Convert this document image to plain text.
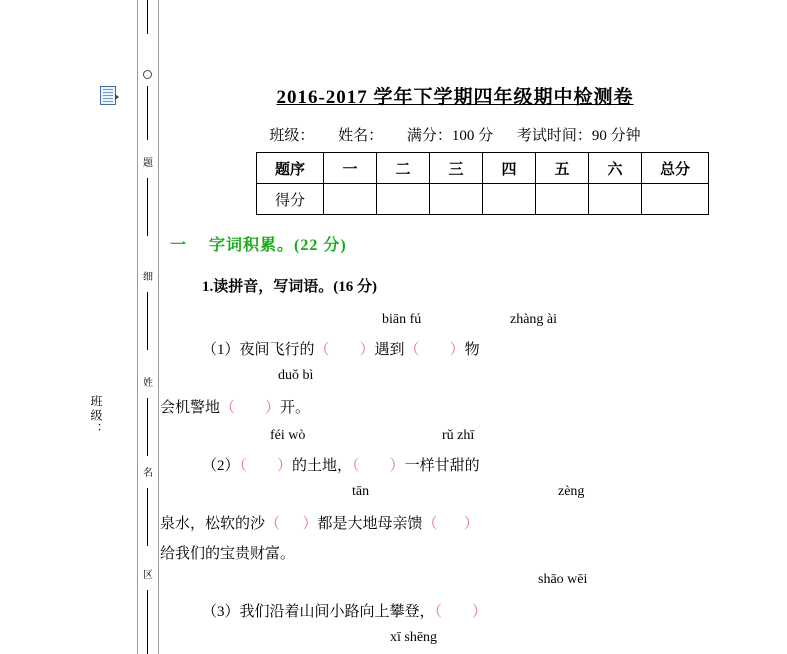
班级：
题
细
姓
名
区
2016-2017 学年下学期四年级期中检测卷
班级： 姓名： 满分：100 分 考试时间：90 分钟
题序	一	二	三	四	五	六	总分
得分							
一 字词积累。(22 分)
1.读拼音，写词语。(16 分)
biān fú	zhàng ài
（1）夜间飞行的（        ）遇到（        ）物
duǒ bì
会机警地（        ）开。
féi wò	rǔ zhī
（2）（        ）的土地，（        ）一样甘甜的
tān	zèng
泉水，松软的沙（      ）都是大地母亲馈（       ）
给我们的宝贵财富。
shāo wēi
（3）我们沿着山间小路向上攀登，（        ）
xī shēng
